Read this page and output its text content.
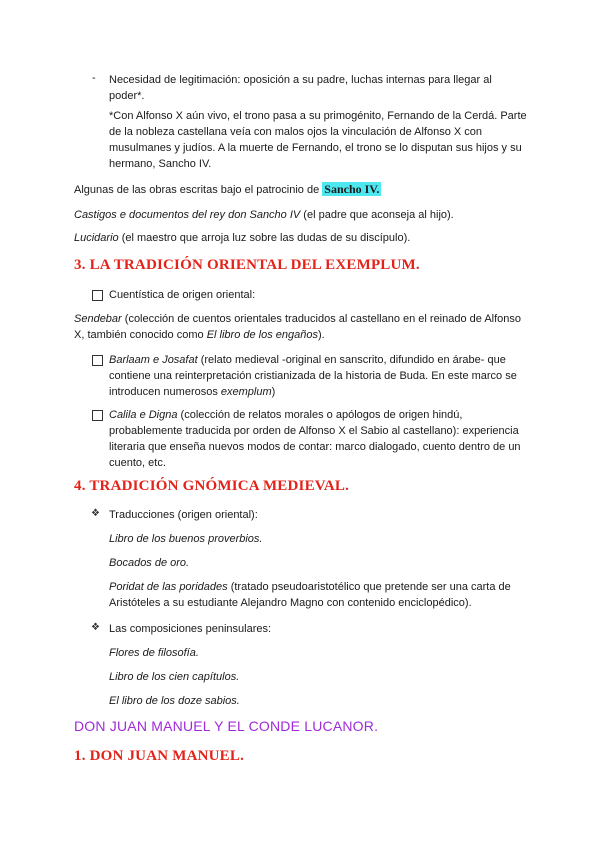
- Necesidad de legitimación: oposición a su padre, luchas internas para llegar al poder*.
*Con Alfonso X aún vivo, el trono pasa a su primogénito, Fernando de la Cerdá. Parte de la nobleza castellana veía con malos ojos la vinculación de Alfonso X con musulmanes y judíos. A la muerte de Fernando, el trono se lo disputan sus hijos y su hermano, Sancho IV.
Algunas de las obras escritas bajo el patrocinio de Sancho IV.
Castigos e documentos del rey don Sancho IV (el padre que aconseja al hijo).
Lucidario (el maestro que arroja luz sobre las dudas de su discípulo).
3. LA TRADICIÓN ORIENTAL DEL EXEMPLUM.
Cuentística de origen oriental:
Sendebar (colección de cuentos orientales traducidos al castellano en el reinado de Alfonso X, también conocido como El libro de los engaños).
Barlaam e Josafat (relato medieval -original en sanscrito, difundido en árabe- que contiene una reinterpretación cristianizada de la historia de Buda. En este marco se introducen numerosos exemplum)
Calila e Digna (colección de relatos morales o apólogos de origen hindú, probablemente traducida por orden de Alfonso X el Sabio al castellano): experiencia literaria que enseña nuevos modos de contar: marco dialogado, cuento dentro de un cuento, etc.
4. TRADICIÓN GNÓMICA MEDIEVAL.
❖ Traducciones (origen oriental):
Libro de los buenos proverbios.
Bocados de oro.
Poridat de las poridades (tratado pseudoaristotélico que pretende ser una carta de Aristóteles a su estudiante Alejandro Magno con contenido enciclopédico).
❖ Las composiciones peninsulares:
Flores de filosofía.
Libro de los cien capítulos.
El libro de los doze sabios.
DON JUAN MANUEL Y EL CONDE LUCANOR.
1. DON JUAN MANUEL.
